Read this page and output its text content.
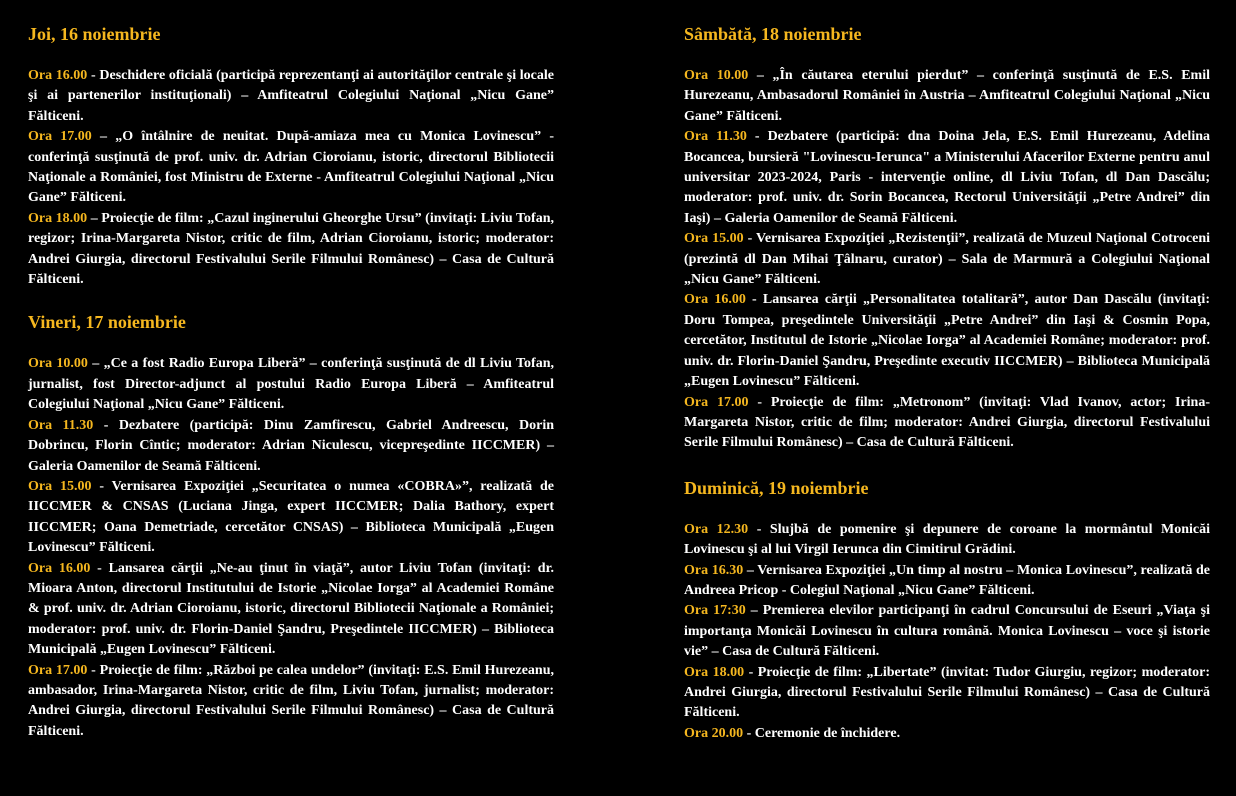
Joi, 16 noiembrie

Ora 16.00 - Deschidere oficială (participă reprezentanţi ai autorităţilor centrale şi locale şi ai partenerilor instituţionali) – Amfiteatrul Colegiului Naţional „Nicu Gane” Fălticeni.

Ora 17.00 – „O întâlnire de neuitat. După-amiaza mea cu Monica Lovinescu” - conferinţă susţinută de prof. univ. dr. Adrian Cioroianu, istoric, directorul Bibliotecii Naţionale a României, fost Ministru de Externe - Amfiteatrul Colegiului Naţional „Nicu Gane” Fălticeni.

Ora 18.00 – Proiecţie de film: „Cazul inginerului Gheorghe Ursu” (invitaţi: Liviu Tofan, regizor; Irina-Margareta Nistor, critic de film, Adrian Cioroianu, istoric; moderator: Andrei Giurgia, directorul Festivalului Serile Filmului Românesc) – Casa de Cultură Fălticeni.

Vineri, 17 noiembrie

Ora 10.00 – „Ce a fost Radio Europa Liberă” – conferinţă susţinută de dl Liviu Tofan, jurnalist, fost Director-adjunct al postului Radio Europa Liberă – Amfiteatrul Colegiului Naţional „Nicu Gane” Fălticeni.

Ora 11.30 - Dezbatere (participă: Dinu Zamfirescu, Gabriel Andreescu, Dorin Dobrincu, Florin Cîntic; moderator: Adrian Niculescu, vicepreşedinte IICCMER) – Galeria Oamenilor de Seamă Fălticeni.

Ora 15.00 - Vernisarea Expoziţiei „Securitatea o numea «COBRA»”, realizată de IICCMER & CNSAS (Luciana Jinga, expert IICCMER; Dalia Bathory, expert IICCMER; Oana Demetriade, cercetător CNSAS) – Biblioteca Municipală „Eugen Lovinescu” Fălticeni.

Ora 16.00 - Lansarea cărţii „Ne-au ţinut în viaţă”, autor Liviu Tofan (invitaţi: dr. Mioara Anton, directorul Institutului de Istorie „Nicolae Iorga” al Academiei Române & prof. univ. dr. Adrian Cioroianu, istoric, directorul Bibliotecii Naţionale a României; moderator: prof. univ. dr. Florin-Daniel Şandru, Preşedintele IICCMER) – Biblioteca Municipală „Eugen Lovinescu” Fălticeni.

Ora 17.00 - Proiecţie de film: „Război pe calea undelor” (invitaţi: E.S. Emil Hurezeanu, ambasador, Irina-Margareta Nistor, critic de film, Liviu Tofan, jurnalist; moderator: Andrei Giurgia, directorul Festivalului Serile Filmului Românesc) – Casa de Cultură Fălticeni.

Sâmbătă, 18 noiembrie

Ora 10.00 – „În căutarea eterului pierdut” – conferinţă susţinută de E.S. Emil Hurezeanu, Ambasadorul României în Austria – Amfiteatrul Colegiului Naţional „Nicu Gane” Fălticeni.

Ora 11.30 - Dezbatere (participă: dna Doina Jela, E.S. Emil Hurezeanu, Adelina Bocancea, bursieră "Lovinescu-Ierunca" a Ministerului Afacerilor Externe pentru anul universitar 2023-2024, Paris - intervenţie online, dl Liviu Tofan, dl Dan Dascălu; moderator: prof. univ. dr. Sorin Bocancea, Rectorul Universităţii „Petre Andrei” din Iaşi) – Galeria Oamenilor de Seamă Fălticeni.

Ora 15.00 - Vernisarea Expoziţiei „Rezistenţii”, realizată de Muzeul Naţional Cotroceni (prezintă dl Dan Mihai Ţâlnaru, curator) – Sala de Marmură a Colegiului Naţional „Nicu Gane” Fălticeni.

Ora 16.00 - Lansarea cărţii „Personalitatea totalitară”, autor Dan Dascălu (invitaţi: Doru Tompea, preşedintele Universităţii „Petre Andrei” din Iaşi & Cosmin Popa, cercetător, Institutul de Istorie „Nicolae Iorga” al Academiei Române; moderator: prof. univ. dr. Florin-Daniel Şandru, Preşedinte executiv IICCMER) – Biblioteca Municipală „Eugen Lovinescu” Fălticeni.

Ora 17.00 - Proiecţie de film: „Metronom” (invitaţi: Vlad Ivanov, actor; Irina-Margareta Nistor, critic de film; moderator: Andrei Giurgia, directorul Festivalului Serile Filmului Românesc) – Casa de Cultură Fălticeni.

Duminică, 19 noiembrie

Ora 12.30 - Slujbă de pomenire şi depunere de coroane la mormântul Monicăi Lovinescu şi al lui Virgil Ierunca din Cimitirul Grădini.

Ora 16.30 – Vernisarea Expoziţiei „Un timp al nostru – Monica Lovinescu”, realizată de Andreea Pricop - Colegiul Naţional „Nicu Gane” Fălticeni.

Ora 17:30 – Premierea elevilor participanţi în cadrul Concursului de Eseuri „Viaţa şi importanţa Monicăi Lovinescu în cultura română. Monica Lovinescu – voce şi istorie vie” – Casa de Cultură Fălticeni.

Ora 18.00 - Proiecţie de film: „Libertate” (invitat: Tudor Giurgiu, regizor; moderator: Andrei Giurgia, directorul Festivalului Serile Filmului Românesc) – Casa de Cultură Fălticeni.

Ora 20.00 - Ceremonie de închidere.
